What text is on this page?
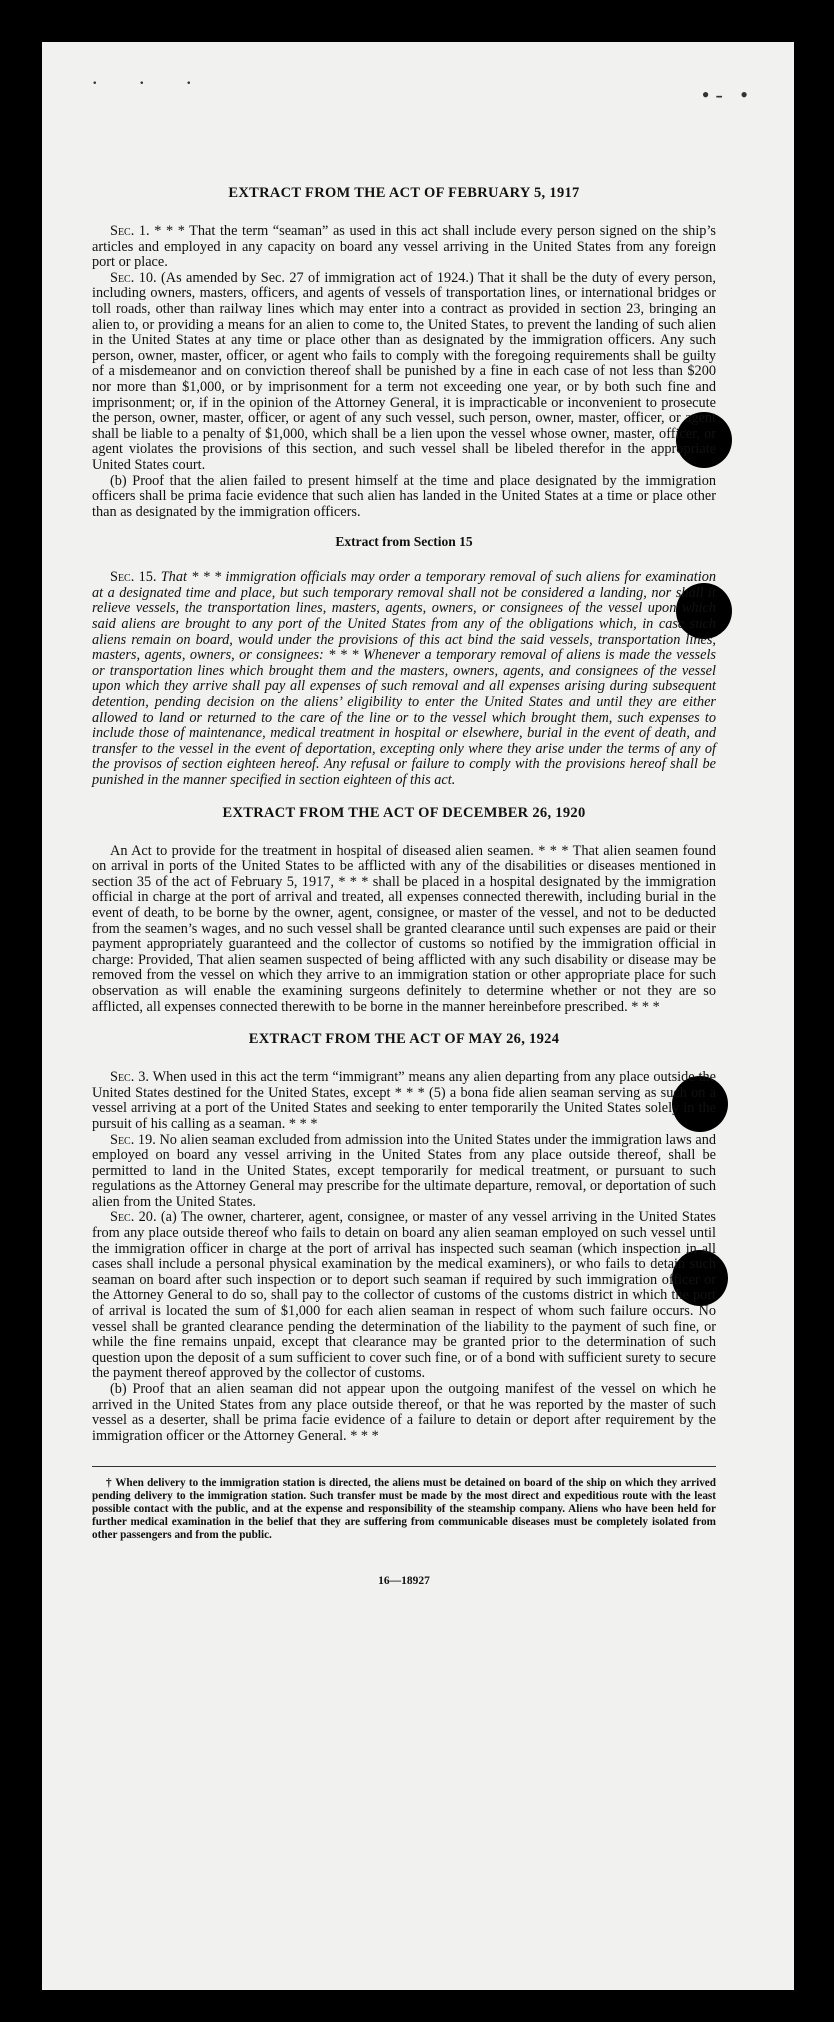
. . .
•- •
EXTRACT FROM THE ACT OF FEBRUARY 5, 1917

Sec. 1. * * * That the term “seaman” as used in this act shall include every person signed on the ship’s articles and employed in any capacity on board any vessel arriving in the United States from any foreign port or place.

Sec. 10. (As amended by Sec. 27 of immigration act of 1924.) That it shall be the duty of every person, including owners, masters, officers, and agents of vessels of transportation lines, or international bridges or toll roads, other than railway lines which may enter into a contract as provided in section 23, bringing an alien to, or providing a means for an alien to come to, the United States, to prevent the landing of such alien in the United States at any time or place other than as designated by the immigration officers. Any such person, owner, master, officer, or agent who fails to comply with the foregoing requirements shall be guilty of a misdemeanor and on conviction thereof shall be punished by a fine in each case of not less than $200 nor more than $1,000, or by imprisonment for a term not exceeding one year, or by both such fine and imprisonment; or, if in the opinion of the Attorney General, it is impracticable or inconvenient to prosecute the person, owner, master, officer, or agent of any such vessel, such person, owner, master, officer, or agent shall be liable to a penalty of $1,000, which shall be a lien upon the vessel whose owner, master, officer, or agent violates the provisions of this section, and such vessel shall be libeled therefor in the appropriate United States court.

(b) Proof that the alien failed to present himself at the time and place designated by the immigration officers shall be prima facie evidence that such alien has landed in the United States at a time or place other than as designated by the immigration officers.

Extract from Section 15

Sec. 15. That * * * immigration officials may order a temporary removal of such aliens for examination at a designated time and place, but such temporary removal shall not be considered a landing, nor shall it relieve vessels, the transportation lines, masters, agents, owners, or consignees of the vessel upon which said aliens are brought to any port of the United States from any of the obligations which, in case such aliens remain on board, would under the provisions of this act bind the said vessels, transportation lines, masters, agents, owners, or consignees: * * * Whenever a temporary removal of aliens is made the vessels or transportation lines which brought them and the masters, owners, agents, and consignees of the vessel upon which they arrive shall pay all expenses of such removal and all expenses arising during subsequent detention, pending decision on the aliens’ eligibility to enter the United States and until they are either allowed to land or returned to the care of the line or to the vessel which brought them, such expenses to include those of maintenance, medical treatment in hospital or elsewhere, burial in the event of death, and transfer to the vessel in the event of deportation, excepting only where they arise under the terms of any of the provisos of section eighteen hereof. Any refusal or failure to comply with the provisions hereof shall be punished in the manner specified in section eighteen of this act.

EXTRACT FROM THE ACT OF DECEMBER 26, 1920

An Act to provide for the treatment in hospital of diseased alien seamen. * * * That alien seamen found on arrival in ports of the United States to be afflicted with any of the disabilities or diseases mentioned in section 35 of the act of February 5, 1917, * * * shall be placed in a hospital designated by the immigration official in charge at the port of arrival and treated, all expenses connected therewith, including burial in the event of death, to be borne by the owner, agent, consignee, or master of the vessel, and not to be deducted from the seamen’s wages, and no such vessel shall be granted clearance until such expenses are paid or their payment appropriately guaranteed and the collector of customs so notified by the immigration official in charge: Provided, That alien seamen suspected of being afflicted with any such disability or disease may be removed from the vessel on which they arrive to an immigration station or other appropriate place for such observation as will enable the examining surgeons definitely to determine whether or not they are so afflicted, all expenses connected therewith to be borne in the manner hereinbefore prescribed. * * *

EXTRACT FROM THE ACT OF MAY 26, 1924

Sec. 3. When used in this act the term “immigrant” means any alien departing from any place outside the United States destined for the United States, except * * * (5) a bona fide alien seaman serving as such on a vessel arriving at a port of the United States and seeking to enter temporarily the United States solely in the pursuit of his calling as a seaman. * * *

Sec. 19. No alien seaman excluded from admission into the United States under the immigration laws and employed on board any vessel arriving in the United States from any place outside thereof, shall be permitted to land in the United States, except temporarily for medical treatment, or pursuant to such regulations as the Attorney General may prescribe for the ultimate departure, removal, or deportation of such alien from the United States.

Sec. 20. (a) The owner, charterer, agent, consignee, or master of any vessel arriving in the United States from any place outside thereof who fails to detain on board any alien seaman employed on such vessel until the immigration officer in charge at the port of arrival has inspected such seaman (which inspection in all cases shall include a personal physical examination by the medical examiners), or who fails to detain such seaman on board after such inspection or to deport such seaman if required by such immigration officer or the Attorney General to do so, shall pay to the collector of customs of the customs district in which the port of arrival is located the sum of $1,000 for each alien seaman in respect of whom such failure occurs. No vessel shall be granted clearance pending the determination of the liability to the payment of such fine, or while the fine remains unpaid, except that clearance may be granted prior to the determination of such question upon the deposit of a sum sufficient to cover such fine, or of a bond with sufficient surety to secure the payment thereof approved by the collector of customs.

(b) Proof that an alien seaman did not appear upon the outgoing manifest of the vessel on which he arrived in the United States from any place outside thereof, or that he was reported by the master of such vessel as a deserter, shall be prima facie evidence of a failure to detain or deport after requirement by the immigration officer or the Attorney General. * * *

† When delivery to the immigration station is directed, the aliens must be detained on board of the ship on which they arrived pending delivery to the immigration station. Such transfer must be made by the most direct and expeditious route with the least possible contact with the public, and at the expense and responsibility of the steamship company. Aliens who have been held for further medical examination in the belief that they are suffering from communicable diseases must be completely isolated from other passengers and from the public.

16—18927
